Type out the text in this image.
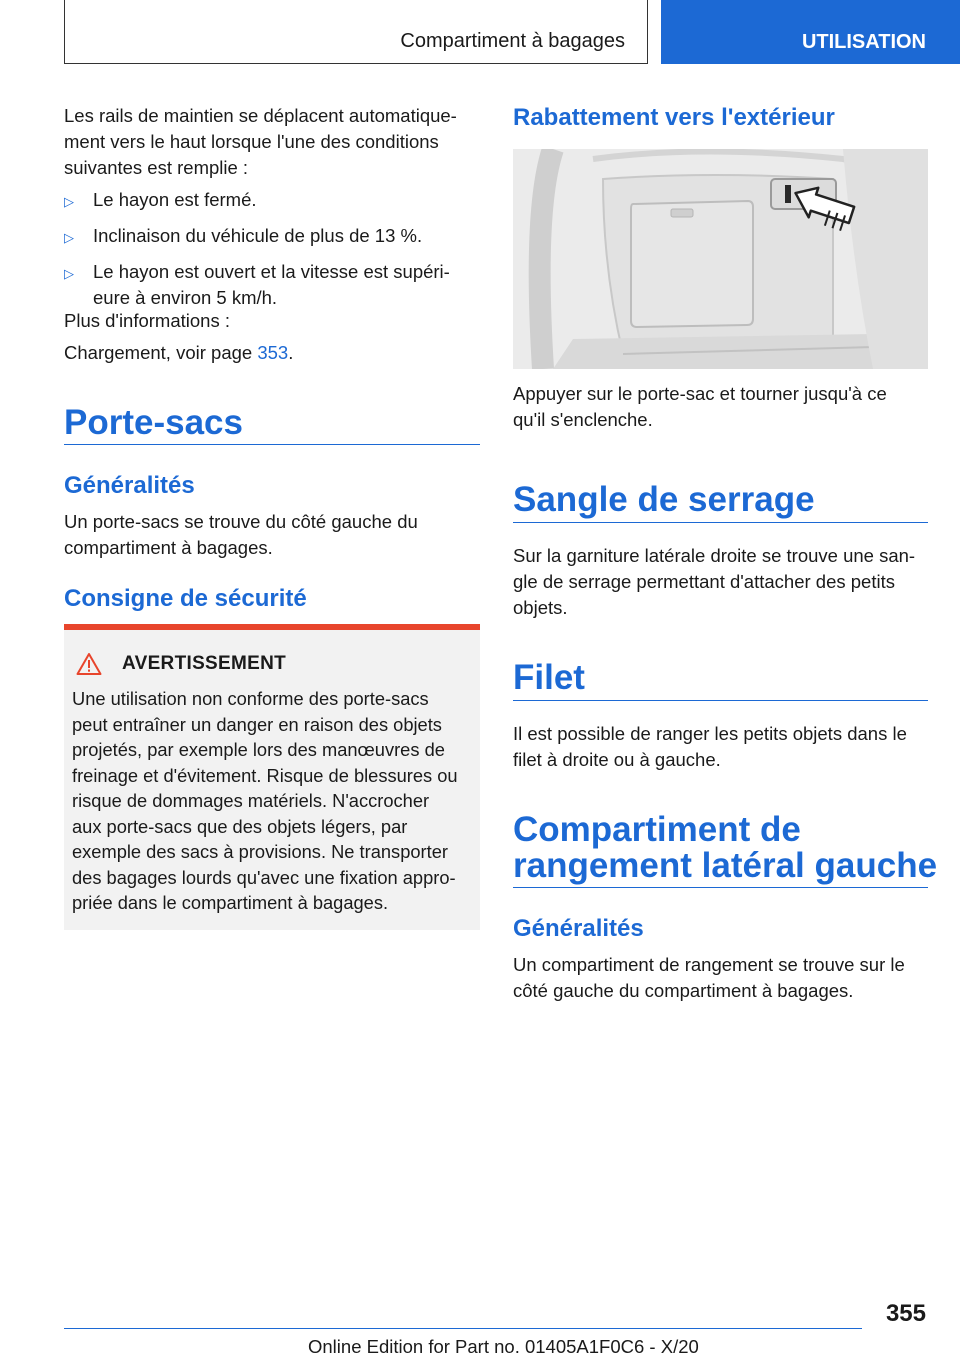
Compartiment à bagages	UTILISATION
Les rails de maintien se déplacent automatique-
ment vers le haut lorsque l'une des conditions
suivantes est remplie :
▷	Le hayon est fermé.
▷	Inclinaison du véhicule de plus de 13 %.
▷	Le hayon est ouvert et la vitesse est supéri-
eure à environ 5 km/h.
Plus d'informations :
Chargement, voir page 353.
Porte-sacs
Généralités
Un porte-sacs se trouve du côté gauche du
compartiment à bagages.
Consigne de sécurité
AVERTISSEMENT
Une utilisation non conforme des porte-sacs
peut entraîner un danger en raison des objets
projetés, par exemple lors des manœuvres de
freinage et d'évitement. Risque de blessures ou
risque de dommages matériels. N'accrocher
aux porte-sacs que des objets légers, par
exemple des sacs à provisions. Ne transporter
des bagages lourds qu'avec une fixation appro-
priée dans le compartiment à bagages.
Rabattement vers l'extérieur
Appuyer sur le porte-sac et tourner jusqu'à ce
qu'il s'enclenche.
Sangle de serrage
Sur la garniture latérale droite se trouve une san-
gle de serrage permettant d'attacher des petits
objets.
Filet
Il est possible de ranger les petits objets dans le
filet à droite ou à gauche.
Compartiment de
rangement latéral gauche
Généralités
Un compartiment de rangement se trouve sur le
côté gauche du compartiment à bagages.
355
Online Edition for Part no. 01405A1F0C6 - X/20
